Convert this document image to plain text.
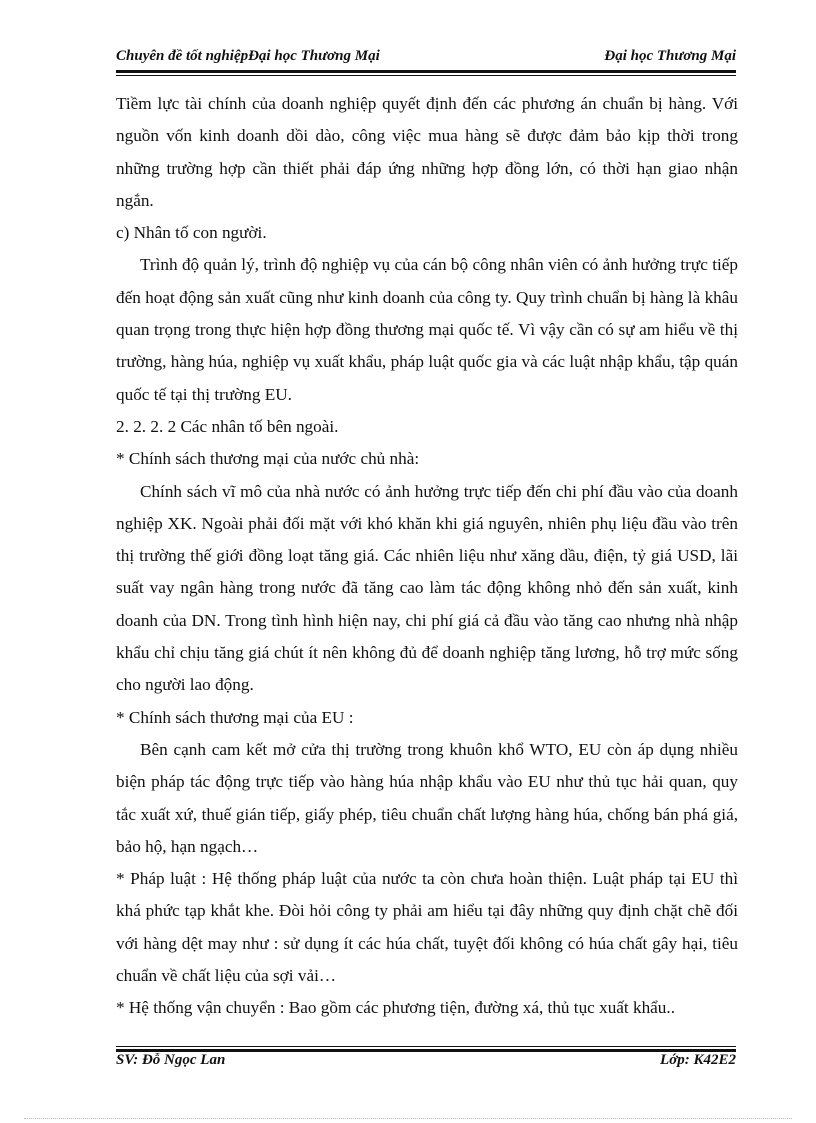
Chuyên đề tốt nghiệpĐại học Thương Mại	Đại học Thương Mại

Tiềm lực tài chính của doanh nghiệp quyết định đến các phương án chuẩn bị hàng. Với nguồn vốn kinh doanh dồi dào, công việc mua hàng sẽ được đảm bảo kịp thời trong những trường hợp cần thiết phải đáp ứng những hợp đồng lớn, có thời hạn giao nhận ngắn.

c) Nhân tố con người.

Trình độ quản lý, trình độ nghiệp vụ của cán bộ công nhân viên có ảnh hưởng trực tiếp đến hoạt động sản xuất cũng như kinh doanh của công ty. Quy trình chuẩn bị hàng là khâu quan trọng trong thực hiện hợp đồng thương mại quốc tế. Vì vậy cần có sự am hiểu về thị trường, hàng húa, nghiệp vụ xuất khẩu, pháp luật quốc gia và các luật nhập khẩu, tập quán quốc tế tại thị trường EU.

2. 2. 2. 2 Các nhân tố bên ngoài.

* Chính sách thương mại của nước chủ nhà:

Chính sách vĩ mô của nhà nước có ảnh hưởng trực tiếp đến chi phí đầu vào của doanh nghiệp XK. Ngoài phải đối mặt với khó khăn khi giá nguyên, nhiên phụ liệu đầu vào trên thị trường thế giới đồng loạt tăng giá. Các nhiên liệu như xăng dầu, điện, tỷ giá USD, lãi suất vay ngân hàng trong nước đã tăng cao làm tác động không nhỏ đến sản xuất, kinh doanh của DN. Trong tình hình hiện nay, chi phí giá cả đầu vào tăng cao nhưng nhà nhập khẩu chỉ chịu tăng giá chút ít nên không đủ để doanh nghiệp tăng lương, hỗ trợ mức sống cho người lao động.

* Chính sách thương mại của EU :

Bên cạnh cam kết mở cửa thị trường trong khuôn khổ WTO, EU còn áp dụng nhiều biện pháp tác động trực tiếp vào hàng húa nhập khẩu vào EU như thủ tục hải quan, quy tắc xuất xứ, thuế gián tiếp, giấy phép, tiêu chuẩn chất lượng hàng húa, chống bán phá giá, bảo hộ, hạn ngạch…

* Pháp luật : Hệ thống pháp luật của nước ta còn chưa hoàn thiện. Luật pháp tại EU thì khá phức tạp khắt khe. Đòi hỏi công ty phải am hiểu tại đây những quy định chặt chẽ đối với hàng dệt may như : sử dụng ít các húa chất, tuyệt đối không có húa chất gây hại, tiêu chuẩn về chất liệu của sợi vải…

* Hệ thống vận chuyển : Bao gồm các phương tiện, đường xá, thủ tục xuất khẩu..

SV: Đỗ Ngọc Lan	Lớp: K42E2
